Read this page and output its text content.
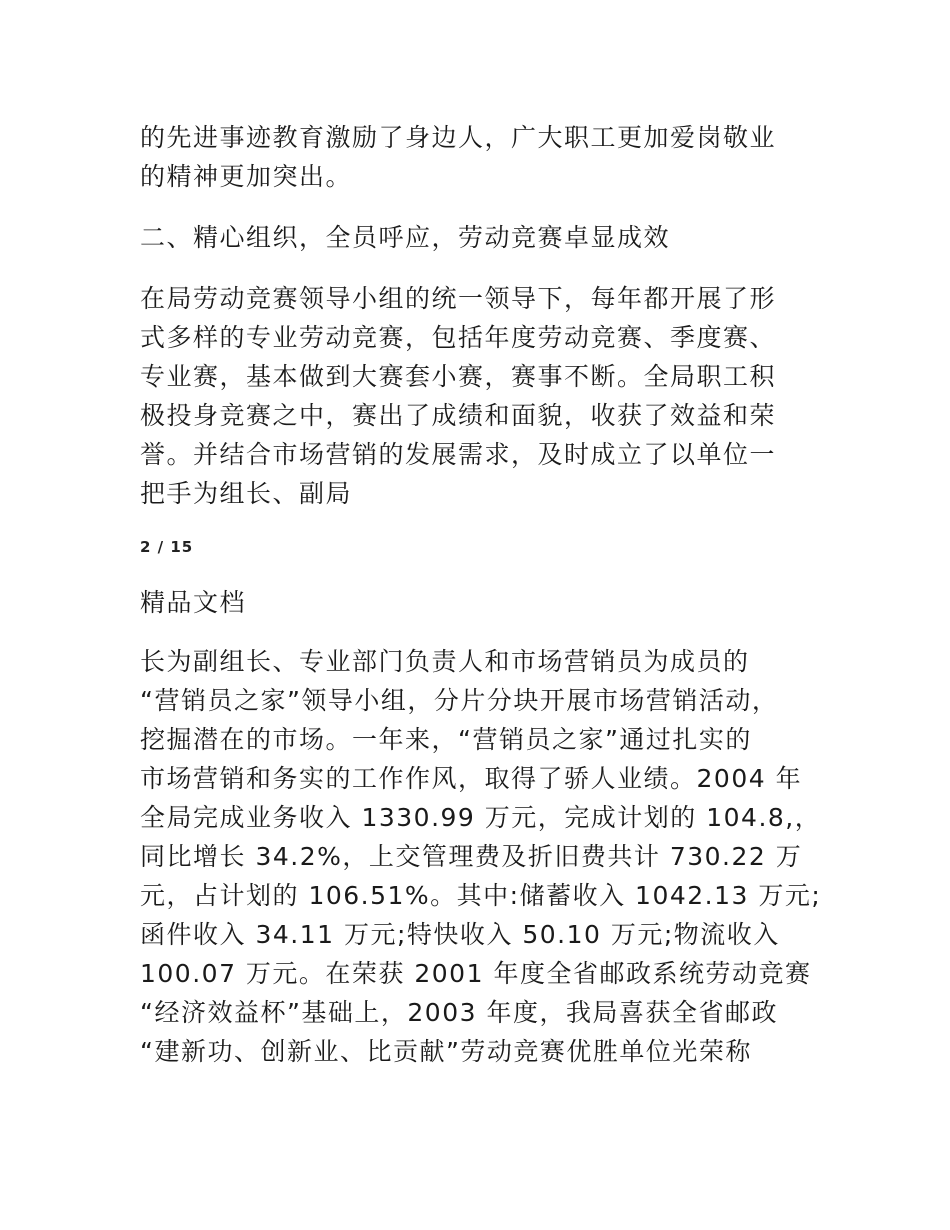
的先进事迹教育激励了身边人，广大职工更加爱岗敬业
的精神更加突出。

二、精心组织，全员呼应，劳动竞赛卓显成效

在局劳动竞赛领导小组的统一领导下，每年都开展了形
式多样的专业劳动竞赛，包括年度劳动竞赛、季度赛、
专业赛，基本做到大赛套小赛，赛事不断。全局职工积
极投身竞赛之中，赛出了成绩和面貌，收获了效益和荣
誉。并结合市场营销的发展需求，及时成立了以单位一
把手为组长、副局

2 / 15
精品文档

长为副组长、专业部门负责人和市场营销员为成员的
“营销员之家”领导小组，分片分块开展市场营销活动，
挖掘潜在的市场。一年来，“营销员之家”通过扎实的
市场营销和务实的工作作风，取得了骄人业绩。2004 年
全局完成业务收入 1330.99 万元，完成计划的 104.8,，
同比增长 34.2%，上交管理费及折旧费共计 730.22 万
元，占计划的 106.51%。其中:储蓄收入 1042.13 万元;
函件收入 34.11 万元;特快收入 50.10 万元;物流收入
100.07 万元。在荣获 2001 年度全省邮政系统劳动竞赛
“经济效益杯”基础上，2003 年度，我局喜获全省邮政
“建新功、创新业、比贡献”劳动竞赛优胜单位光荣称
